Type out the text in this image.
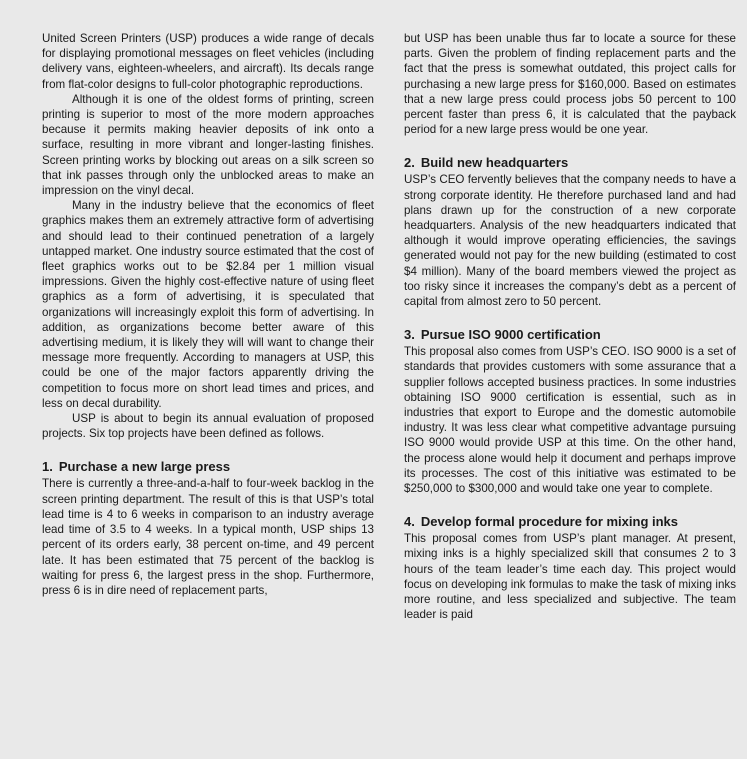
United Screen Printers (USP) produces a wide range of decals for displaying promotional messages on fleet vehicles (including delivery vans, eighteen-wheelers, and aircraft). Its decals range from flat-color designs to full-color photographic reproductions.

Although it is one of the oldest forms of printing, screen printing is superior to most of the more modern approaches because it permits making heavier deposits of ink onto a surface, resulting in more vibrant and longer-lasting finishes. Screen printing works by blocking out areas on a silk screen so that ink passes through only the unblocked areas to make an impression on the vinyl decal.

Many in the industry believe that the economics of fleet graphics makes them an extremely attractive form of advertising and should lead to their continued penetration of a largely untapped market. One industry source estimated that the cost of fleet graphics works out to be $2.84 per 1 million visual impressions. Given the highly cost-effective nature of using fleet graphics as a form of advertising, it is speculated that organizations will increasingly exploit this form of advertising. In addition, as organizations become better aware of this advertising medium, it is likely they will will want to change their message more frequently. According to managers at USP, this could be one of the major factors apparently driving the competition to focus more on short lead times and prices, and less on decal durability.

USP is about to begin its annual evaluation of proposed projects. Six top projects have been defined as follows.

1. Purchase a new large press

There is currently a three-and-a-half to four-week backlog in the screen printing department. The result of this is that USP’s total lead time is 4 to 6 weeks in comparison to an industry average lead time of 3.5 to 4 weeks. In a typical month, USP ships 13 percent of its orders early, 38 percent on-time, and 49 percent late. It has been estimated that 75 percent of the backlog is waiting for press 6, the largest press in the shop. Furthermore, press 6 is in dire need of replacement parts,

but USP has been unable thus far to locate a source for these parts. Given the problem of finding replacement parts and the fact that the press is somewhat outdated, this project calls for purchasing a new large press for $160,000. Based on estimates that a new large press could process jobs 50 percent to 100 percent faster than press 6, it is calculated that the payback period for a new large press would be one year.

2. Build new headquarters

USP’s CEO fervently believes that the company needs to have a strong corporate identity. He therefore purchased land and had plans drawn up for the construction of a new corporate headquarters. Analysis of the new headquarters indicated that although it would improve operating efficiencies, the savings generated would not pay for the new building (estimated to cost $4 million). Many of the board members viewed the project as too risky since it increases the company’s debt as a percent of capital from almost zero to 50 percent.

3. Pursue ISO 9000 certification

This proposal also comes from USP’s CEO. ISO 9000 is a set of standards that provides customers with some assurance that a supplier follows accepted business practices. In some industries obtaining ISO 9000 certification is essential, such as in industries that export to Europe and the domestic automobile industry. It was less clear what competitive advantage pursuing ISO 9000 would provide USP at this time. On the other hand, the process alone would help it document and perhaps improve its processes. The cost of this initiative was estimated to be $250,000 to $300,000 and would take one year to complete.

4. Develop formal procedure for mixing inks

This proposal comes from USP’s plant manager. At present, mixing inks is a highly specialized skill that consumes 2 to 3 hours of the team leader’s time each day. This project would focus on developing ink formulas to make the task of mixing inks more routine, and less specialized and subjective. The team leader is paid
